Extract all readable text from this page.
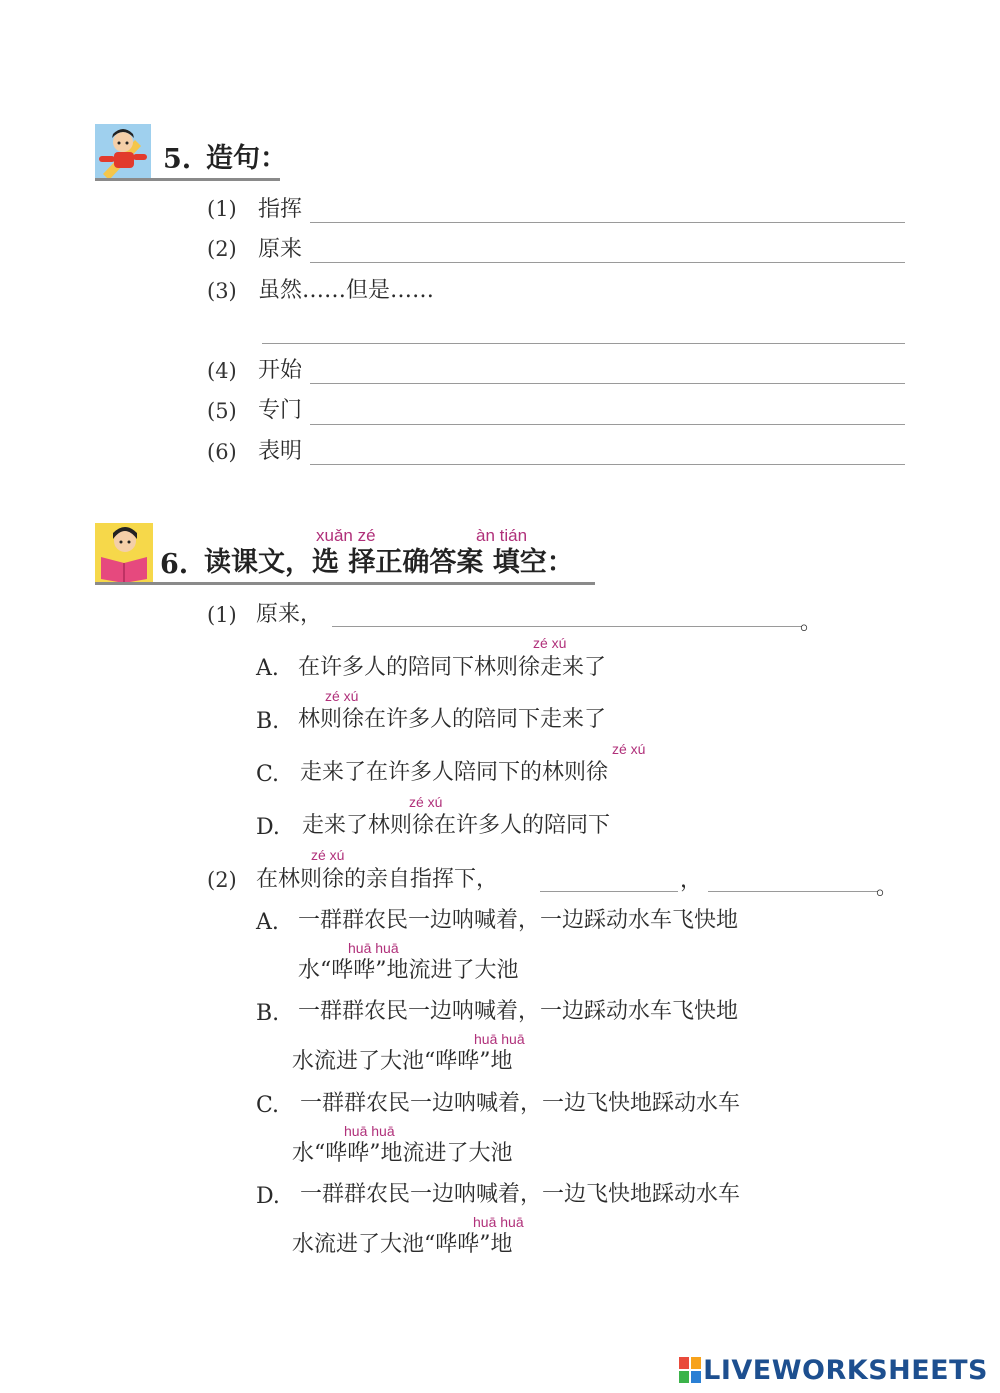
5. 造句：
(1) 指挥
(2) 原来
(3) 虽然……但是……
(4) 开始
(5) 专门
(6) 表明
xuǎn zé	àn tián
6. 读课文，选 择正确答案 填空：
(1) 原来，	。
zé xú
A. 在许多人的陪同下林则徐走来了
zé xú
B. 林则徐在许多人的陪同下走来了
zé xú
C. 走来了在许多人陪同下的林则徐
zé xú
D. 走来了林则徐在许多人的陪同下
zé xú
(2) 在林则徐的亲自指挥下，	，	。
A. 一群群农民一边呐喊着，一边踩动水车飞快地
huā huā
水“哗哗”地流进了大池
B. 一群群农民一边呐喊着，一边踩动水车飞快地
huā huā
水流进了大池“哗哗”地
C. 一群群农民一边呐喊着，一边飞快地踩动水车
huā huā
水“哗哗”地流进了大池
D. 一群群农民一边呐喊着，一边飞快地踩动水车
huā huā
水流进了大池“哗哗”地
LIVEWORKSHEETS
